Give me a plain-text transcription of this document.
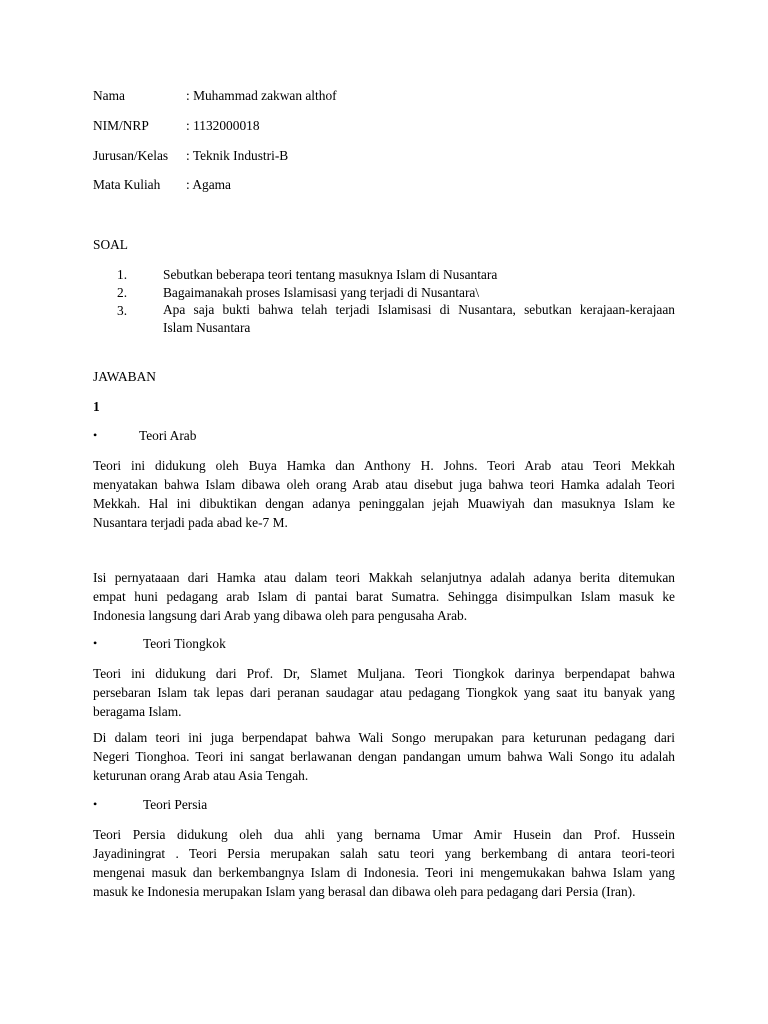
Nama	: Muhammad zakwan althof
NIM/NRP	: 1132000018
Jurusan/Kelas : Teknik Industri-B
Mata Kuliah : Agama
SOAL
1.	Sebutkan beberapa teori tentang masuknya Islam di Nusantara
2.	Bagaimanakah proses Islamisasi yang terjadi di Nusantara\
3.	Apa saja bukti bahwa telah terjadi Islamisasi di Nusantara, sebutkan kerajaan-kerajaan
Islam Nusantara
JAWABAN
1
•	Teori Arab
Teori ini didukung oleh Buya Hamka dan Anthony H. Johns. Teori Arab atau Teori Mekkah
menyatakan bahwa Islam dibawa oleh orang Arab atau disebut juga bahwa teori Hamka adalah Teori
Mekkah. Hal ini dibuktikan dengan adanya peninggalan jejah Muawiyah dan masuknya Islam ke
Nusantara terjadi pada abad ke-7 M.
Isi pernyataaan dari Hamka atau dalam teori Makkah selanjutnya adalah adanya berita ditemukan
empat huni pedagang arab Islam di pantai barat Sumatra. Sehingga disimpulkan Islam masuk ke
Indonesia langsung dari Arab yang dibawa oleh para pengusaha Arab.
•	Teori Tiongkok
Teori ini didukung dari Prof. Dr, Slamet Muljana. Teori Tiongkok darinya berpendapat bahwa
persebaran Islam tak lepas dari peranan saudagar atau pedagang Tiongkok yang saat itu banyak yang
beragama Islam.
Di dalam teori ini juga berpendapat bahwa Wali Songo merupakan para keturunan pedagang dari
Negeri Tionghoa. Teori ini sangat berlawanan dengan pandangan umum bahwa Wali Songo itu adalah
keturunan orang Arab atau Asia Tengah.
•	Teori Persia
Teori Persia didukung oleh dua ahli yang bernama Umar Amir Husein dan Prof. Hussein
Jayadiningrat . Teori Persia merupakan salah satu teori yang berkembang di antara teori-teori
mengenai masuk dan berkembangnya Islam di Indonesia. Teori ini mengemukakan bahwa Islam yang
masuk ke Indonesia merupakan Islam yang berasal dan dibawa oleh para pedagang dari Persia (Iran).
